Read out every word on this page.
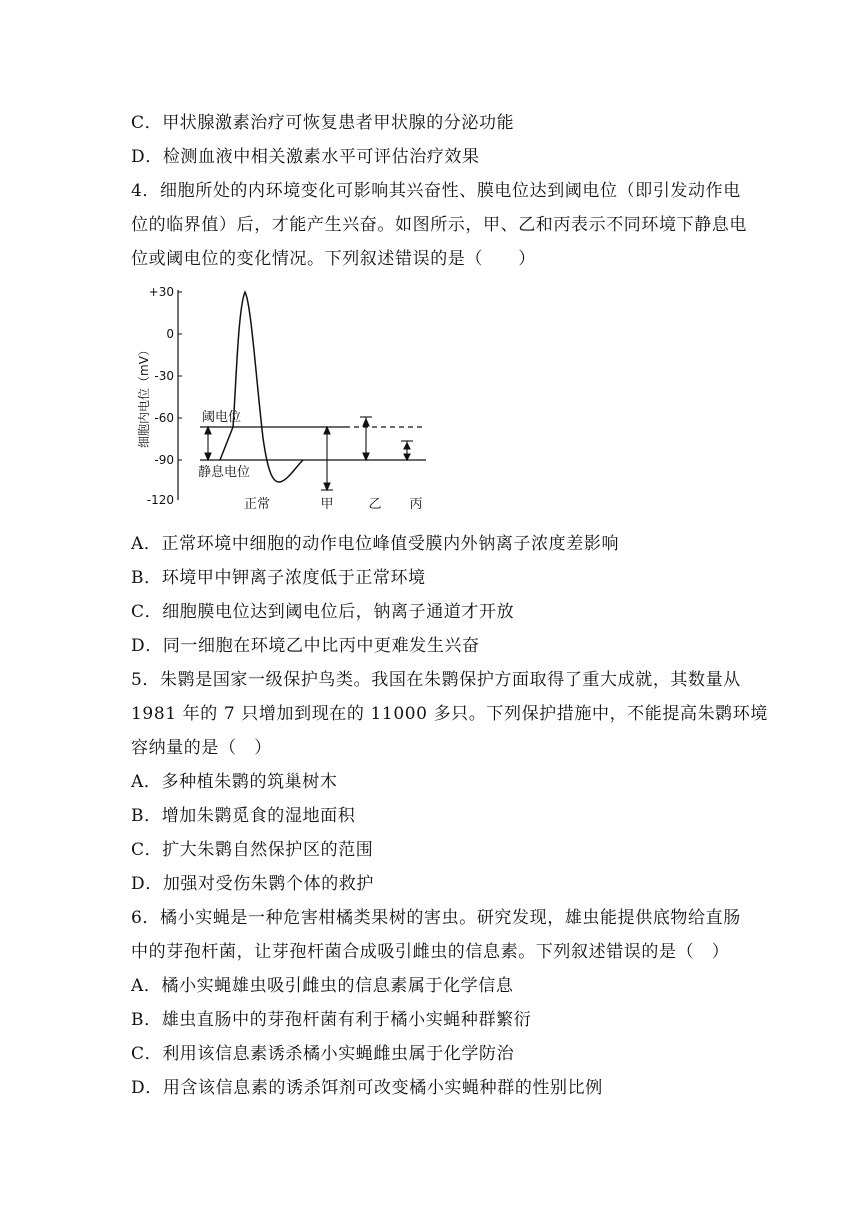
C．甲状腺激素治疗可恢复患者甲状腺的分泌功能
D．检测血液中相关激素水平可评估治疗效果
4．细胞所处的内环境变化可影响其兴奋性、膜电位达到阈电位（即引发动作电
位的临界值）后，才能产生兴奋。如图所示，甲、乙和丙表示不同环境下静息电
位或阈电位的变化情况。下列叙述错误的是（　　）
+30
0
-30
-60
-90
-120
细胞内电位（mV）	阈电位
静息电位
正常	甲	乙 丙
A．正常环境中细胞的动作电位峰值受膜内外钠离子浓度差影响
B．环境甲中钾离子浓度低于正常环境
C．细胞膜电位达到阈电位后，钠离子通道才开放
D．同一细胞在环境乙中比丙中更难发生兴奋
5．朱鹮是国家一级保护鸟类。我国在朱鹮保护方面取得了重大成就，其数量从
1981 年的 7 只增加到现在的 11000 多只。下列保护措施中，不能提高朱鹮环境
容纳量的是（　）
A．多种植朱鹮的筑巢树木
B．增加朱鹮觅食的湿地面积
C．扩大朱鹮自然保护区的范围
D．加强对受伤朱鹮个体的救护
6．橘小实蝇是一种危害柑橘类果树的害虫。研究发现，雄虫能提供底物给直肠
中的芽孢杆菌，让芽孢杆菌合成吸引雌虫的信息素。下列叙述错误的是（　）
A．橘小实蝇雄虫吸引雌虫的信息素属于化学信息
B．雄虫直肠中的芽孢杆菌有利于橘小实蝇种群繁衍
C．利用该信息素诱杀橘小实蝇雌虫属于化学防治
D．用含该信息素的诱杀饵剂可改变橘小实蝇种群的性别比例
